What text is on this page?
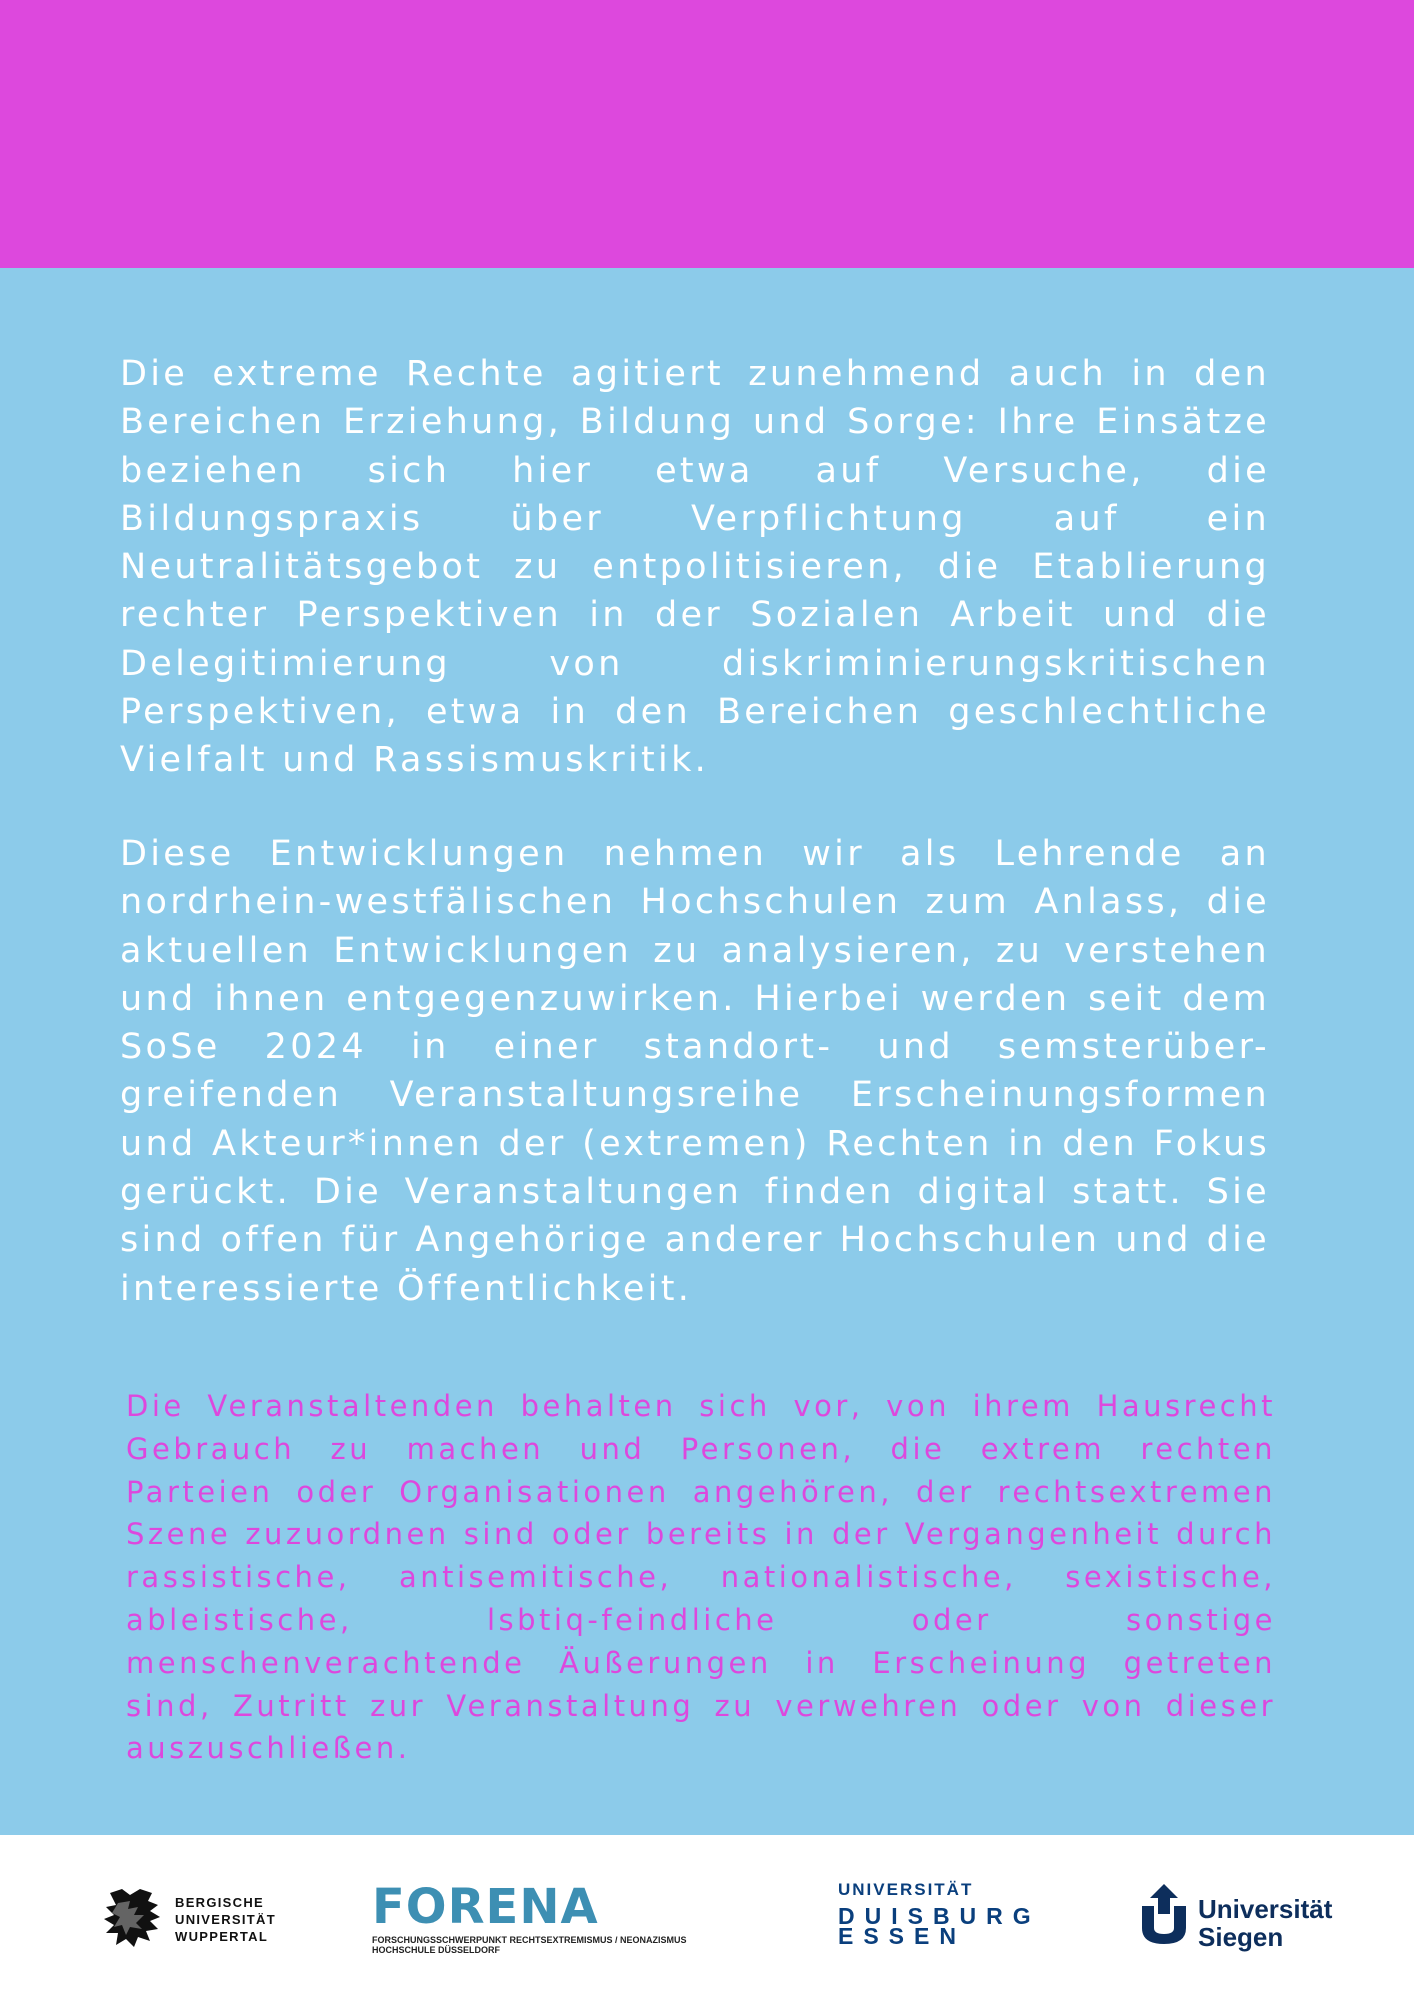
Die extreme Rechte agitiert zunehmend auch in den Bereichen Erziehung, Bildung und Sorge: Ihre Einsätze beziehen sich hier etwa auf Versuche, die Bildungspraxis über Verpflichtung auf ein Neutralitätsgebot zu entpolitisieren, die Etablierung rechter Perspektiven in der Sozialen Arbeit und die Delegitimierung von diskriminierungskritischen Perspektiven, etwa in den Bereichen geschlechtliche Vielfalt und Rassismuskritik.

Diese Entwicklungen nehmen wir als Lehrende an nordrhein-westfälischen Hochschulen zum Anlass, die aktuellen Entwicklungen zu analysieren, zu verstehen und ihnen entgegenzuwirken. Hierbei werden seit dem SoSe 2024 in einer standort- und semsterüber-greifenden Veranstaltungsreihe Erscheinungsformen und Akteur*innen der (extremen) Rechten in den Fokus gerückt. Die Veranstaltungen finden digital statt. Sie sind offen für Angehörige anderer Hochschulen und die interessierte Öffentlichkeit.

Die Veranstaltenden behalten sich vor, von ihrem Hausrecht Gebrauch zu machen und Personen, die extrem rechten Parteien oder Organisationen angehören, der rechtsextremen Szene zuzuordnen sind oder bereits in der Vergangenheit durch rassistische, antisemitische, nationalistische, sexistische, ableistische, lsbtiq-feindliche oder sonstige menschenverachtende Äußerungen in Erscheinung getreten sind, Zutritt zur Veranstaltung zu verwehren oder von dieser auszuschließen.

BERGISCHE
UNIVERSITÄT
WUPPERTAL
FORENA
FORSCHUNGSSCHWERPUNKT RECHTSEXTREMISMUS / NEONAZISMUS
HOCHSCHULE DÜSSELDORF
UNIVERSITÄT
DUISBURG
ESSEN
Universität
Siegen
